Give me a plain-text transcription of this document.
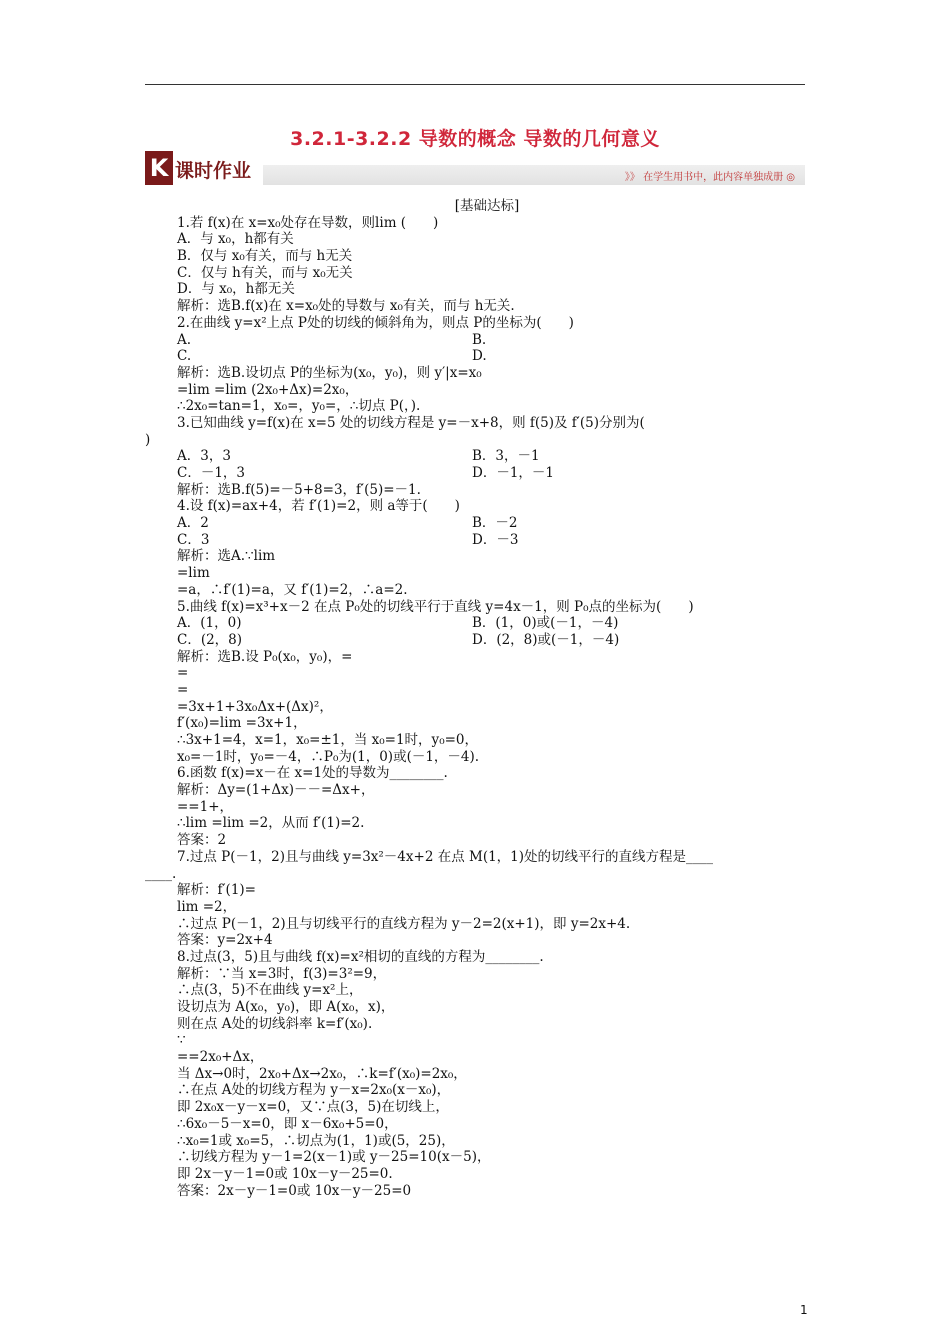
3.2.1-3.2.2 导数的概念 导数的几何意义
K 课时作业	》》 在学生用书中，此内容单独成册 ◎
[基础达标]
1.若 f(x)在 x=x₀处存在导数，则lim (　　)
A．与 x₀，h都有关
B．仅与 x₀有关，而与 h无关
C．仅与 h有关，而与 x₀无关
D．与 x₀，h都无关
解析：选B.f(x)在 x=x₀处的导数与 x₀有关，而与 h无关.
2.在曲线 y=x²上点 P处的切线的倾斜角为，则点 P的坐标为(　　)
A.	B.
C.	D.
解析：选B.设切点 P的坐标为(x₀，y₀)，则 y′|x=x₀
=lim =lim (2x₀+Δx)=2x₀，
∴2x₀=tan=1，x₀=，y₀=，∴切点 P(，).
3.已知曲线 y=f(x)在 x=5 处的切线方程是 y=－x+8，则 f(5)及 f′(5)分别为(
)
A．3，3	B．3，－1
C．－1，3	D．－1，－1
解析：选B.f(5)=－5+8=3，f′(5)=－1.
4.设 f(x)=ax+4，若 f′(1)=2，则 a等于(　　)
A．2	B．－2
C．3	D．－3
解析：选A.∵lim
=lim
=a，∴f′(1)=a，又 f′(1)=2，∴a=2.
5.曲线 f(x)=x³+x－2 在点 P₀处的切线平行于直线 y=4x－1，则 P₀点的坐标为(　　)
A．(1，0)	B．(1，0)或(－1，－4)
C．(2，8)	D．(2，8)或(－1，－4)
解析：选B.设 P₀(x₀，y₀)，=
=
=
=3x+1+3x₀Δx+(Δx)²，
f′(x₀)=lim =3x+1，
∴3x+1=4，x=1，x₀=±1，当 x₀=1时，y₀=0，
x₀=－1时，y₀=－4，∴P₀为(1，0)或(－1，－4).
6.函数 f(x)=x－在 x=1处的导数为________.
解析：Δy=(1+Δx)－－=Δx+，
==1+，
∴lim =lim =2，从而 f′(1)=2.
答案：2
7.过点 P(－1，2)且与曲线 y=3x²－4x+2 在点 M(1，1)处的切线平行的直线方程是____
____.
解析：f′(1)=
lim =2，
∴过点 P(－1，2)且与切线平行的直线方程为 y－2=2(x+1)，即 y=2x+4.
答案：y=2x+4
8.过点(3，5)且与曲线 f(x)=x²相切的直线的方程为________.
解析：∵当 x=3时，f(3)=3²=9，
∴点(3，5)不在曲线 y=x²上，
设切点为 A(x₀，y₀)，即 A(x₀，x)，
则在点 A处的切线斜率 k=f′(x₀).
∵
==2x₀+Δx，
当 Δx→0时，2x₀+Δx→2x₀，∴k=f′(x₀)=2x₀，
∴在点 A处的切线方程为 y－x=2x₀(x－x₀)，
即 2x₀x－y－x=0，又∵点(3，5)在切线上，
∴6x₀－5－x=0，即 x－6x₀+5=0，
∴x₀=1或 x₀=5，∴切点为(1，1)或(5，25)，
∴切线方程为 y－1=2(x－1)或 y－25=10(x－5)，
即 2x－y－1=0或 10x－y－25=0.
答案：2x－y－1=0或 10x－y－25=0
1
